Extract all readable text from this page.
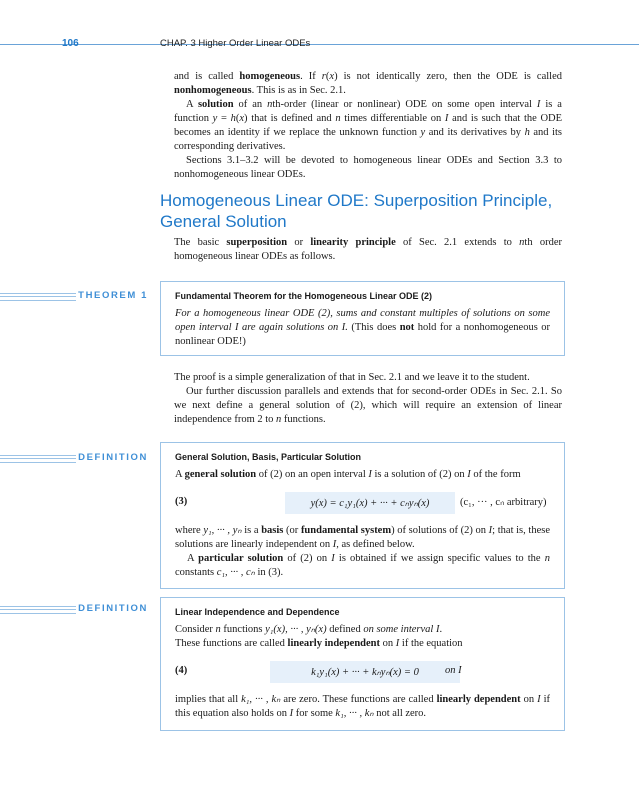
106	CHAP. 3 Higher Order Linear ODEs

and is called homogeneous. If r(x) is not identically zero, then the ODE is called nonhomogeneous. This is as in Sec. 2.1.

A solution of an nth-order (linear or nonlinear) ODE on some open interval I is a function y = h(x) that is defined and n times differentiable on I and is such that the ODE becomes an identity if we replace the unknown function y and its derivatives by h and its corresponding derivatives.

Sections 3.1–3.2 will be devoted to homogeneous linear ODEs and Section 3.3 to nonhomogeneous linear ODEs.

Homogeneous Linear ODE: Superposition Principle,
General Solution

The basic superposition or linearity principle of Sec. 2.1 extends to nth order homogeneous linear ODEs as follows.

THEOREM 1	Fundamental Theorem for the Homogeneous Linear ODE (2)

For a homogeneous linear ODE (2), sums and constant multiples of solutions on some open interval I are again solutions on I. (This does not hold for a nonhomogeneous or nonlinear ODE!)

The proof is a simple generalization of that in Sec. 2.1 and we leave it to the student.

Our further discussion parallels and extends that for second-order ODEs in Sec. 2.1. So we next define a general solution of (2), which will require an extension of linear independence from 2 to n functions.

DEFINITION	General Solution, Basis, Particular Solution

A general solution of (2) on an open interval I is a solution of (2) on I of the form

(3)	y(x) = c₁y₁(x) + ··· + cₙyₙ(x)	(c₁, ··· , cₙ arbitrary)

where y₁, ··· , yₙ is a basis (or fundamental system) of solutions of (2) on I; that is, these solutions are linearly independent on I, as defined below.

A particular solution of (2) on I is obtained if we assign specific values to the n constants c₁, ··· , cₙ in (3).

DEFINITION	Linear Independence and Dependence

Consider n functions y₁(x), ··· , yₙ(x) defined on some interval I.

These functions are called linearly independent on I if the equation

(4)	k₁y₁(x) + ··· + kₙyₙ(x) = 0	on I

implies that all k₁, ··· , kₙ are zero. These functions are called linearly dependent on I if this equation also holds on I for some k₁, ··· , kₙ not all zero.
